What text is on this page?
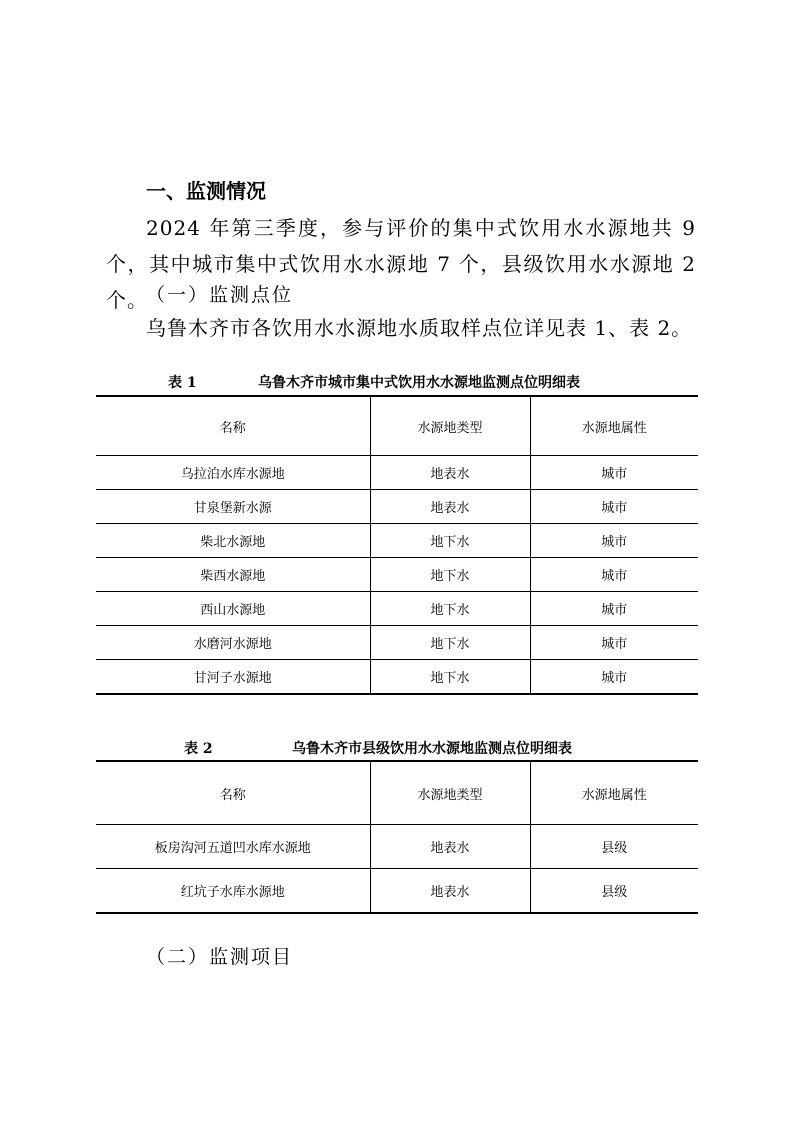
一、监测情况
2024 年第三季度，参与评价的集中式饮用水水源地共 9 个，其中城市集中式饮用水水源地 7 个，县级饮用水水源地 2 个。
（一）监测点位
乌鲁木齐市各饮用水水源地水质取样点位详见表 1、表 2。
表 1	乌鲁木齐市城市集中式饮用水水源地监测点位明细表
名称	水源地类型	水源地属性
乌拉泊水库水源地	地表水	城市
甘泉堡新水源	地表水	城市
柴北水源地	地下水	城市
柴西水源地	地下水	城市
西山水源地	地下水	城市
水磨河水源地	地下水	城市
甘河子水源地	地下水	城市
表 2	乌鲁木齐市县级饮用水水源地监测点位明细表
名称	水源地类型	水源地属性
板房沟河五道凹水库水源地	地表水	县级
红坑子水库水源地	地表水	县级
（二）监测项目
